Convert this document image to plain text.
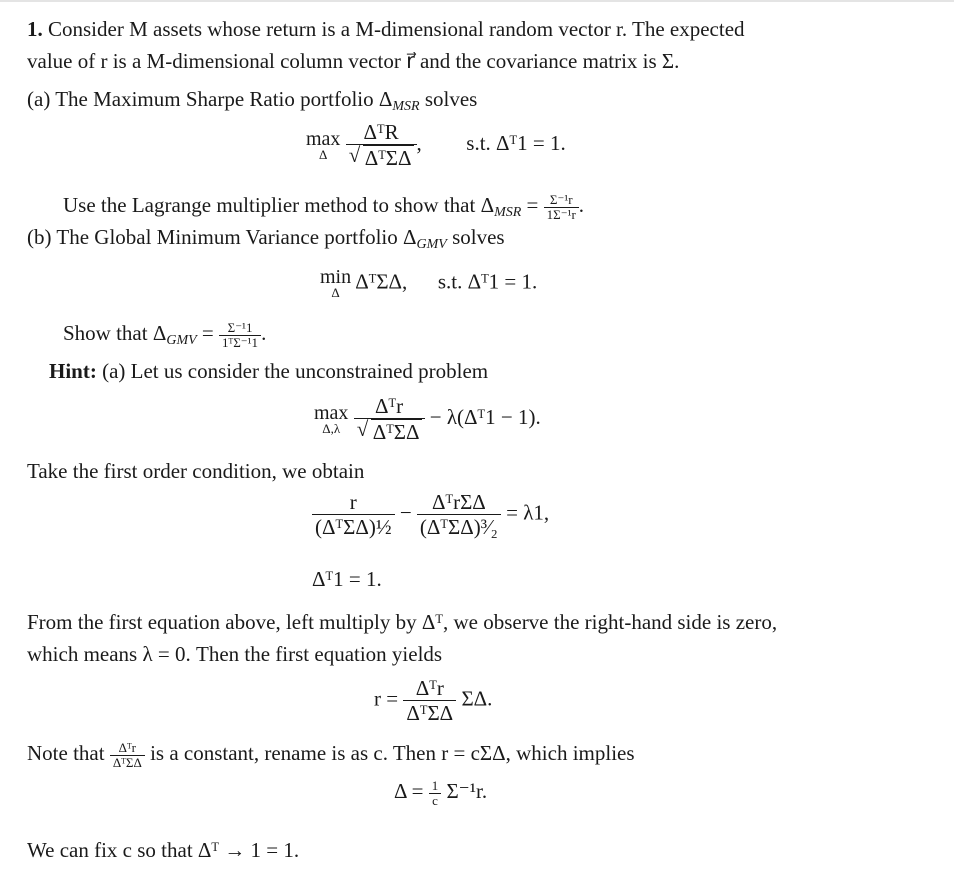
1. Consider M assets whose return is a M-dimensional random vector r. The expected
value of r is a M-dimensional column vector r⃗ and the covariance matrix is Σ.
(a) The Maximum Sharpe Ratio portfolio $\Delta_{MSR}$ solves
max
Δ
ΔᵀR
√ ΔᵀΣΔ ,  s.t. Δᵀ1 = 1.
Use the Lagrange multiplier method to show that $\Delta_{MSR} = \frac{\text{Σ⁻¹r}}{\text{1Σ⁻¹r}}$ .
(b) The Global Minimum Variance portfolio $\Delta_{GMV}$ solves
min
Δ ΔᵀΣΔ, s.t. Δᵀ1 = 1.
Show that $\Delta_{GMV} = \frac{\text{Σ⁻¹1}}{\text{1ᵀΣ⁻¹1}}$ .
Hint: (a) Let us consider the unconstrained problem
max
Δ,λ
Δᵀr
√ ΔᵀΣΔ − λ(Δᵀ1 − 1).
Take the first order condition, we obtain
$\frac{r}{\text{(ΔᵀΣΔ)½}} - \frac{\text{ΔᵀrΣΔ}}{\text{(ΔᵀΣΔ)³⁄₂}} = \lambda 1$,
Δᵀ1 = 1.
From the first equation above, left multiply by Δᵀ, we observe the right-hand side is zero,
which means λ = 0. Then the first equation yields
$r = \frac{\text{Δᵀr}}{\text{ΔᵀΣΔ}} \Sigma\Delta$.
Note that $\frac{\text{Δᵀr}}{\text{ΔᵀΣΔ}}$ is a constant, rename is as c. Then r = cΣΔ, which implies
$\Delta = \frac{1}{c} \Sigma^{-1}r$.
We can fix c so that Δᵀ → 1 = 1.
